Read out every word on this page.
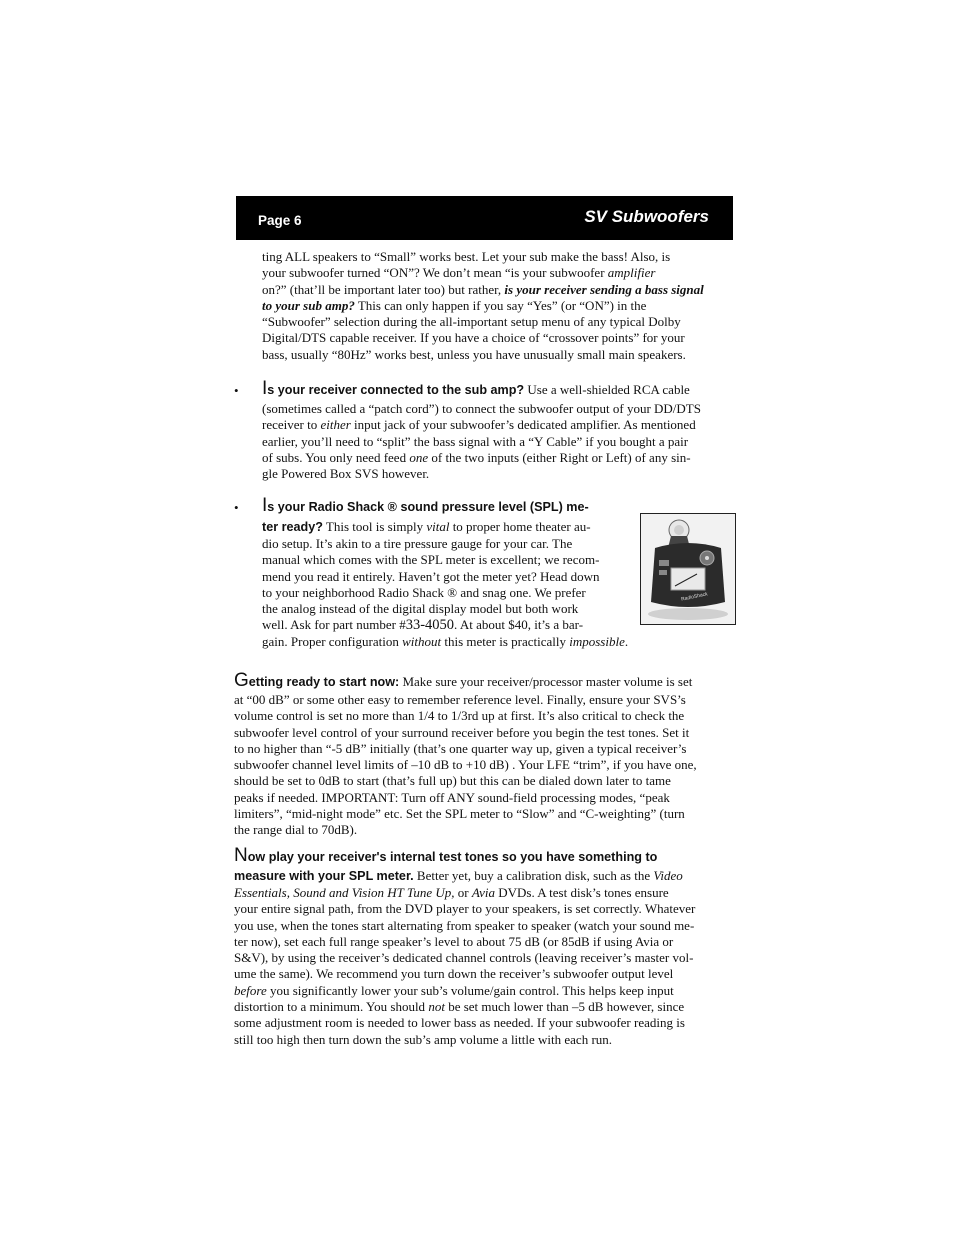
Page 6	SV Subwoofers
ting ALL speakers to “Small” works best. Let your sub make the bass! Also, is
your subwoofer turned “ON”? We don’t mean “is your subwoofer amplifier
on?” (that’ll be important later too) but rather, is your receiver sending a bass signal
to your sub amp? This can only happen if you say “Yes” (or “ON”) in the
“Subwoofer” selection during the all-important setup menu of any typical Dolby
Digital/DTS capable receiver. If you have a choice of “crossover points” for your
bass, usually “80Hz” works best, unless you have unusually small main speakers.
• Is your receiver connected to the sub amp? Use a well-shielded RCA cable
(sometimes called a “patch cord”) to connect the subwoofer output of your DD/DTS
receiver to either input jack of your subwoofer’s dedicated amplifier. As mentioned
earlier, you’ll need to “split” the bass signal with a “Y Cable” if you bought a pair
of subs. You only need feed one of the two inputs (either Right or Left) of any sin-
gle Powered Box SVS however.
• Is your Radio Shack ® sound pressure level (SPL) me-
ter ready? This tool is simply vital to proper home theater au-
dio setup. It’s akin to a tire pressure gauge for your car. The
manual which comes with the SPL meter is excellent; we recom-
mend you read it entirely. Haven’t got the meter yet? Head down
to your neighborhood Radio Shack ® and snag one. We prefer
the analog instead of the digital display model but both work
well. Ask for part number #33-4050. At about $40, it’s a bar-
gain. Proper configuration without this meter is practically impossible.
RadioShack
Getting ready to start now: Make sure your receiver/processor master volume is set
at “00 dB” or some other easy to remember reference level. Finally, ensure your SVS’s
volume control is set no more than 1/4 to 1/3rd up at first. It’s also critical to check the
subwoofer level control of your surround receiver before you begin the test tones. Set it
to no higher than “-5 dB” initially (that’s one quarter way up, given a typical receiver’s
subwoofer channel level limits of –10 dB to +10 dB) . Your LFE “trim”, if you have one,
should be set to 0dB to start (that’s full up) but this can be dialed down later to tame
peaks if needed. IMPORTANT: Turn off ANY sound-field processing modes, “peak
limiters”, “mid-night mode” etc. Set the SPL meter to “Slow” and “C-weighting” (turn
the range dial to 70dB).
Now play your receiver's internal test tones so you have something to
measure with your SPL meter. Better yet, buy a calibration disk, such as the Video
Essentials, Sound and Vision HT Tune Up, or Avia DVDs. A test disk’s tones ensure
your entire signal path, from the DVD player to your speakers, is set correctly. Whatever
you use, when the tones start alternating from speaker to speaker (watch your sound me-
ter now), set each full range speaker’s level to about 75 dB (or 85dB if using Avia or
S&V), by using the receiver’s dedicated channel controls (leaving receiver’s master vol-
ume the same). We recommend you turn down the receiver’s subwoofer output level
before you significantly lower your sub’s volume/gain control. This helps keep input
distortion to a minimum. You should not be set much lower than –5 dB however, since
some adjustment room is needed to lower bass as needed. If your subwoofer reading is
still too high then turn down the sub’s amp volume a little with each run.
